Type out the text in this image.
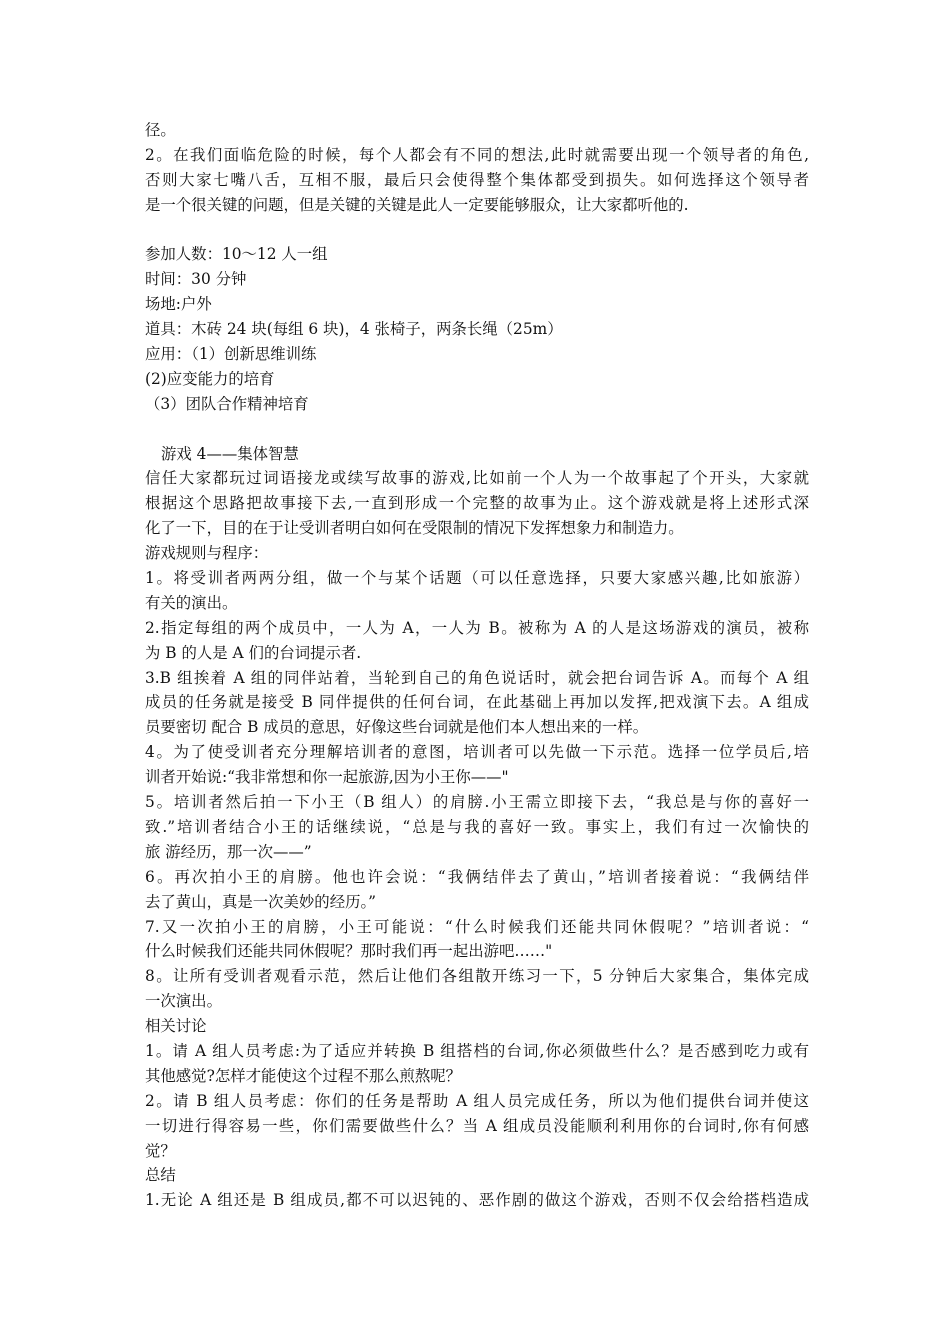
径。
2。在我们面临危险的时候，每个人都会有不同的想法,此时就需要出现一个领导者的角色,
否则大家七嘴八舌，互相不服，最后只会使得整个集体都受到损失。如何选择这个领导者
是一个很关键的问题，但是关键的关键是此人一定要能够服众，让大家都听他的.
参加人数：10～12 人一组
时间：30 分钟
场地:户外
道具：木砖 24 块(每组 6 块)，4 张椅子，两条长绳（25m）
应用：（1）创新思维训练
(2)应变能力的培育
（3）团队合作精神培育
游戏 4——集体智慧
信任大家都玩过词语接龙或续写故事的游戏,比如前一个人为一个故事起了个开头，大家就
根据这个思路把故事接下去,一直到形成一个完整的故事为止。这个游戏就是将上述形式深
化了一下，目的在于让受训者明白如何在受限制的情况下发挥想象力和制造力。
游戏规则与程序：
1。将受训者两两分组，做一个与某个话题（可以任意选择，只要大家感兴趣,比如旅游）
有关的演出。
2.指定每组的两个成员中，一人为 A，一人为 B。被称为 A 的人是这场游戏的演员，被称
为 B 的人是 A 们的台词提示者.
3.B 组挨着 A 组的同伴站着，当轮到自己的角色说话时，就会把台词告诉 A。而每个 A 组
成员的任务就是接受 B 同伴提供的任何台词，在此基础上再加以发挥,把戏演下去。A 组成
员要密切 配合 B 成员的意思，好像这些台词就是他们本人想出来的一样。
4。为了使受训者充分理解培训者的意图，培训者可以先做一下示范。选择一位学员后,培
训者开始说:“我非常想和你一起旅游,因为小王你——"
5。培训者然后拍一下小王（B 组人）的肩膀.小王需立即接下去，“我总是与你的喜好一
致.”培训者结合小王的话继续说，“总是与我的喜好一致。事实上，我们有过一次愉快的
旅 游经历，那一次——”
6。再次拍小王的肩膀。他也许会说：“我俩结伴去了黄山，”培训者接着说：“我俩结伴
去了黄山，真是一次美妙的经历。”
7.又一次拍小王的肩膀，小王可能说：“什么时候我们还能共同休假呢？”培训者说：“
什么时候我们还能共同休假呢？那时我们再一起出游吧……"
8。让所有受训者观看示范，然后让他们各组散开练习一下，5 分钟后大家集合，集体完成
一次演出。
相关讨论
1。请 A 组人员考虑:为了适应并转换 B 组搭档的台词,你必须做些什么？是否感到吃力或有
其他感觉?怎样才能使这个过程不那么煎熬呢？
2。请 B 组人员考虑：你们的任务是帮助 A 组人员完成任务，所以为他们提供台词并使这
一切进行得容易一些，你们需要做些什么？当 A 组成员没能顺利利用你的台词时,你有何感
觉？
总结
1.无论 A 组还是 B 组成员,都不可以迟钝的、恶作剧的做这个游戏，否则不仅会给搭档造成
